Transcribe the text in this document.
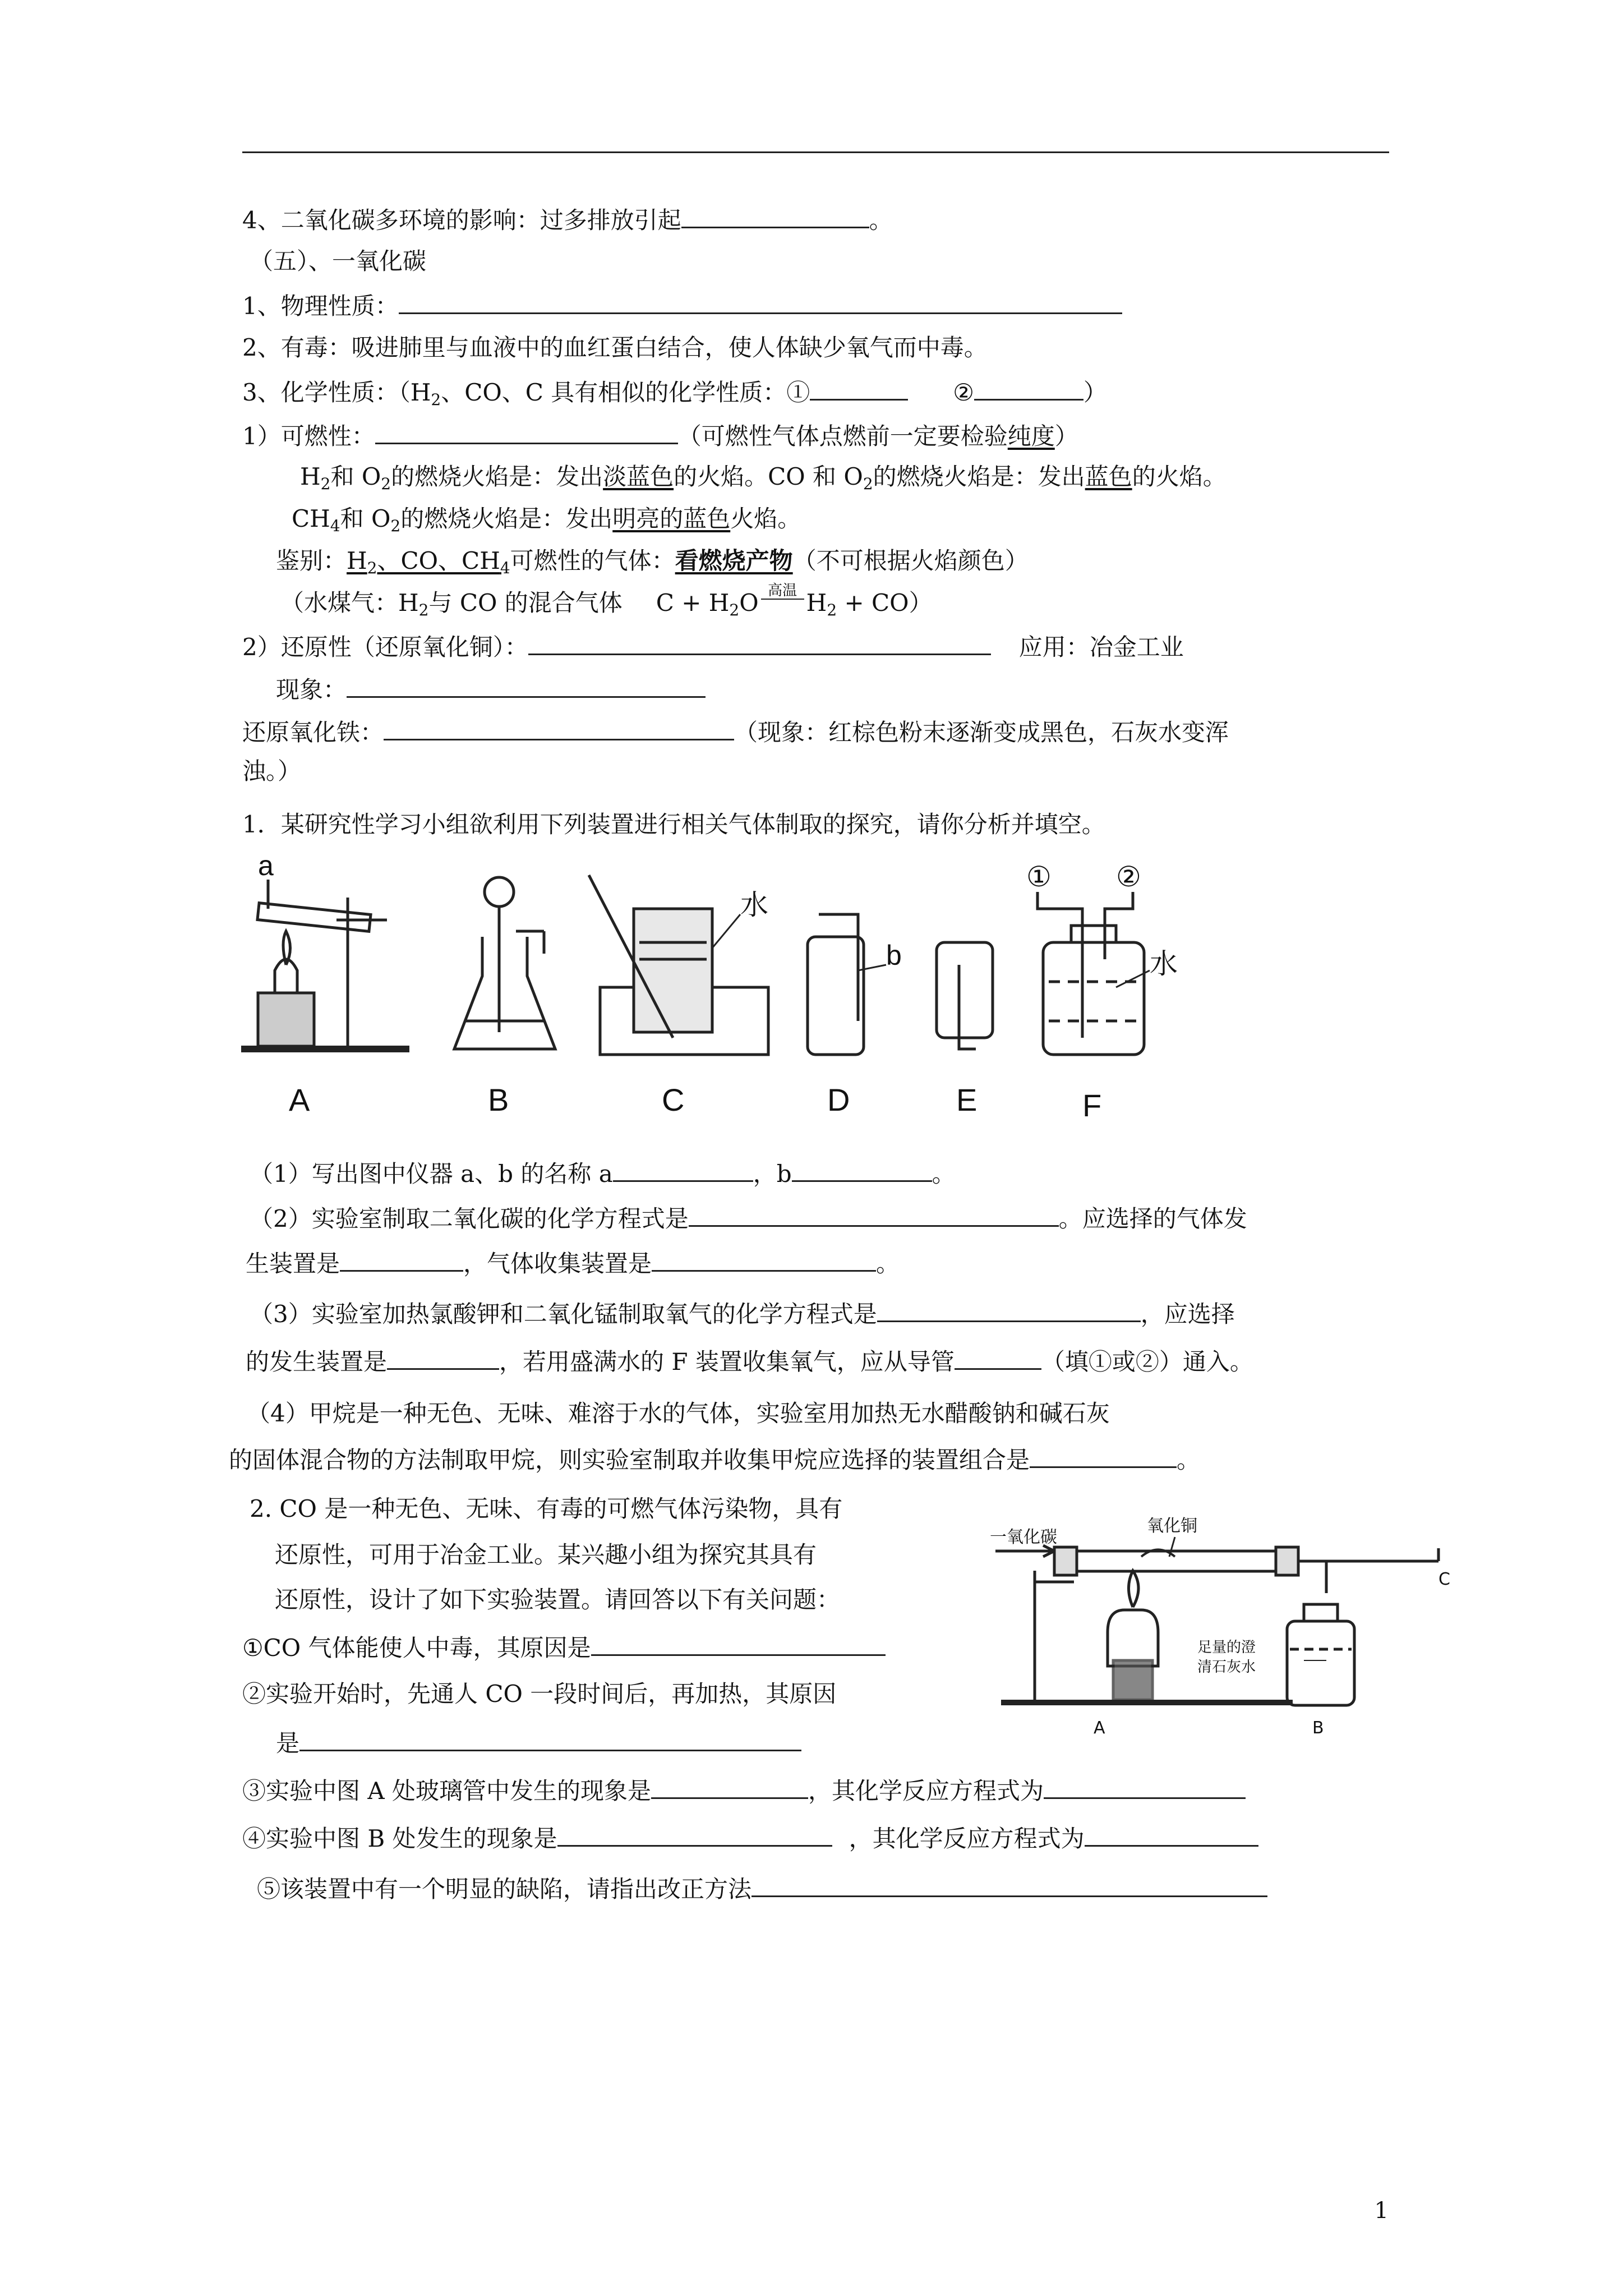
4、二氧化碳多环境的影响：过多排放引起	。
（五）、一氧化碳
1、物理性质：
2、有毒：吸进肺里与血液中的血红蛋白结合，使人体缺少氧气而中毒。
3、化学性质：（$H_2$、CO、C 具有相似的化学性质：①	②	）
1）可燃性：	（可燃性气体点燃前一定要检验纯度）
$H_2$和 $O_2$的燃烧火焰是：发出淡蓝色的火焰。CO 和 $O_2$的燃烧火焰是：发出蓝色的火焰。
$CH_4$和 $O_2$的燃烧火焰是：发出明亮的蓝色火焰。
鉴别：$H_2$、CO、$CH_4$可燃性的气体：看燃烧产物（不可根据火焰颜色）
（水煤气：$H_2$与 CO 的混合气体 $C + H_2O$ 高温 $H_2 + CO$）
2）还原性（还原氧化铜）：	应用：冶金工业
现象：
还原氧化铁：	（现象：红棕色粉末逐渐变成黑色，石灰水变浑
浊。）
1．某研究性学习小组欲利用下列装置进行相关气体制取的探究，请你分析并填空。
a
水
b
① ②
水
A	B	C	D	E	F
（1）写出图中仪器 a、b 的名称 a	，b	。
（2）实验室制取二氧化碳的化学方程式是	。应选择的气体发
生装置是	，气体收集装置是	。
（3）实验室加热氯酸钾和二氧化锰制取氧气的化学方程式是	，应选择
的发生装置是	，若用盛满水的 F 装置收集氧气，应从导管	（填①或②）通入。
（4）甲烷是一种无色、无味、难溶于水的气体，实验室用加热无水醋酸钠和碱石灰
的固体混合物的方法制取甲烷，则实验室制取并收集甲烷应选择的装置组合是	。
2. CO 是一种无色、无味、有毒的可燃气体污染物，具有
还原性，可用于冶金工业。某兴趣小组为探究其具有
还原性，设计了如下实验装置。请回答以下有关问题：
一氧化碳
氧化铜
C
足量的澄
清石灰水
A	B
①CO 气体能使人中毒，其原因是
②实验开始时，先通人 CO 一段时间后，再加热，其原因
是
③实验中图 A 处玻璃管中发生的现象是	，其化学反应方程式为
④实验中图 B 处发生的现象是	，其化学反应方程式为
⑤该装置中有一个明显的缺陷，请指出改正方法
1
